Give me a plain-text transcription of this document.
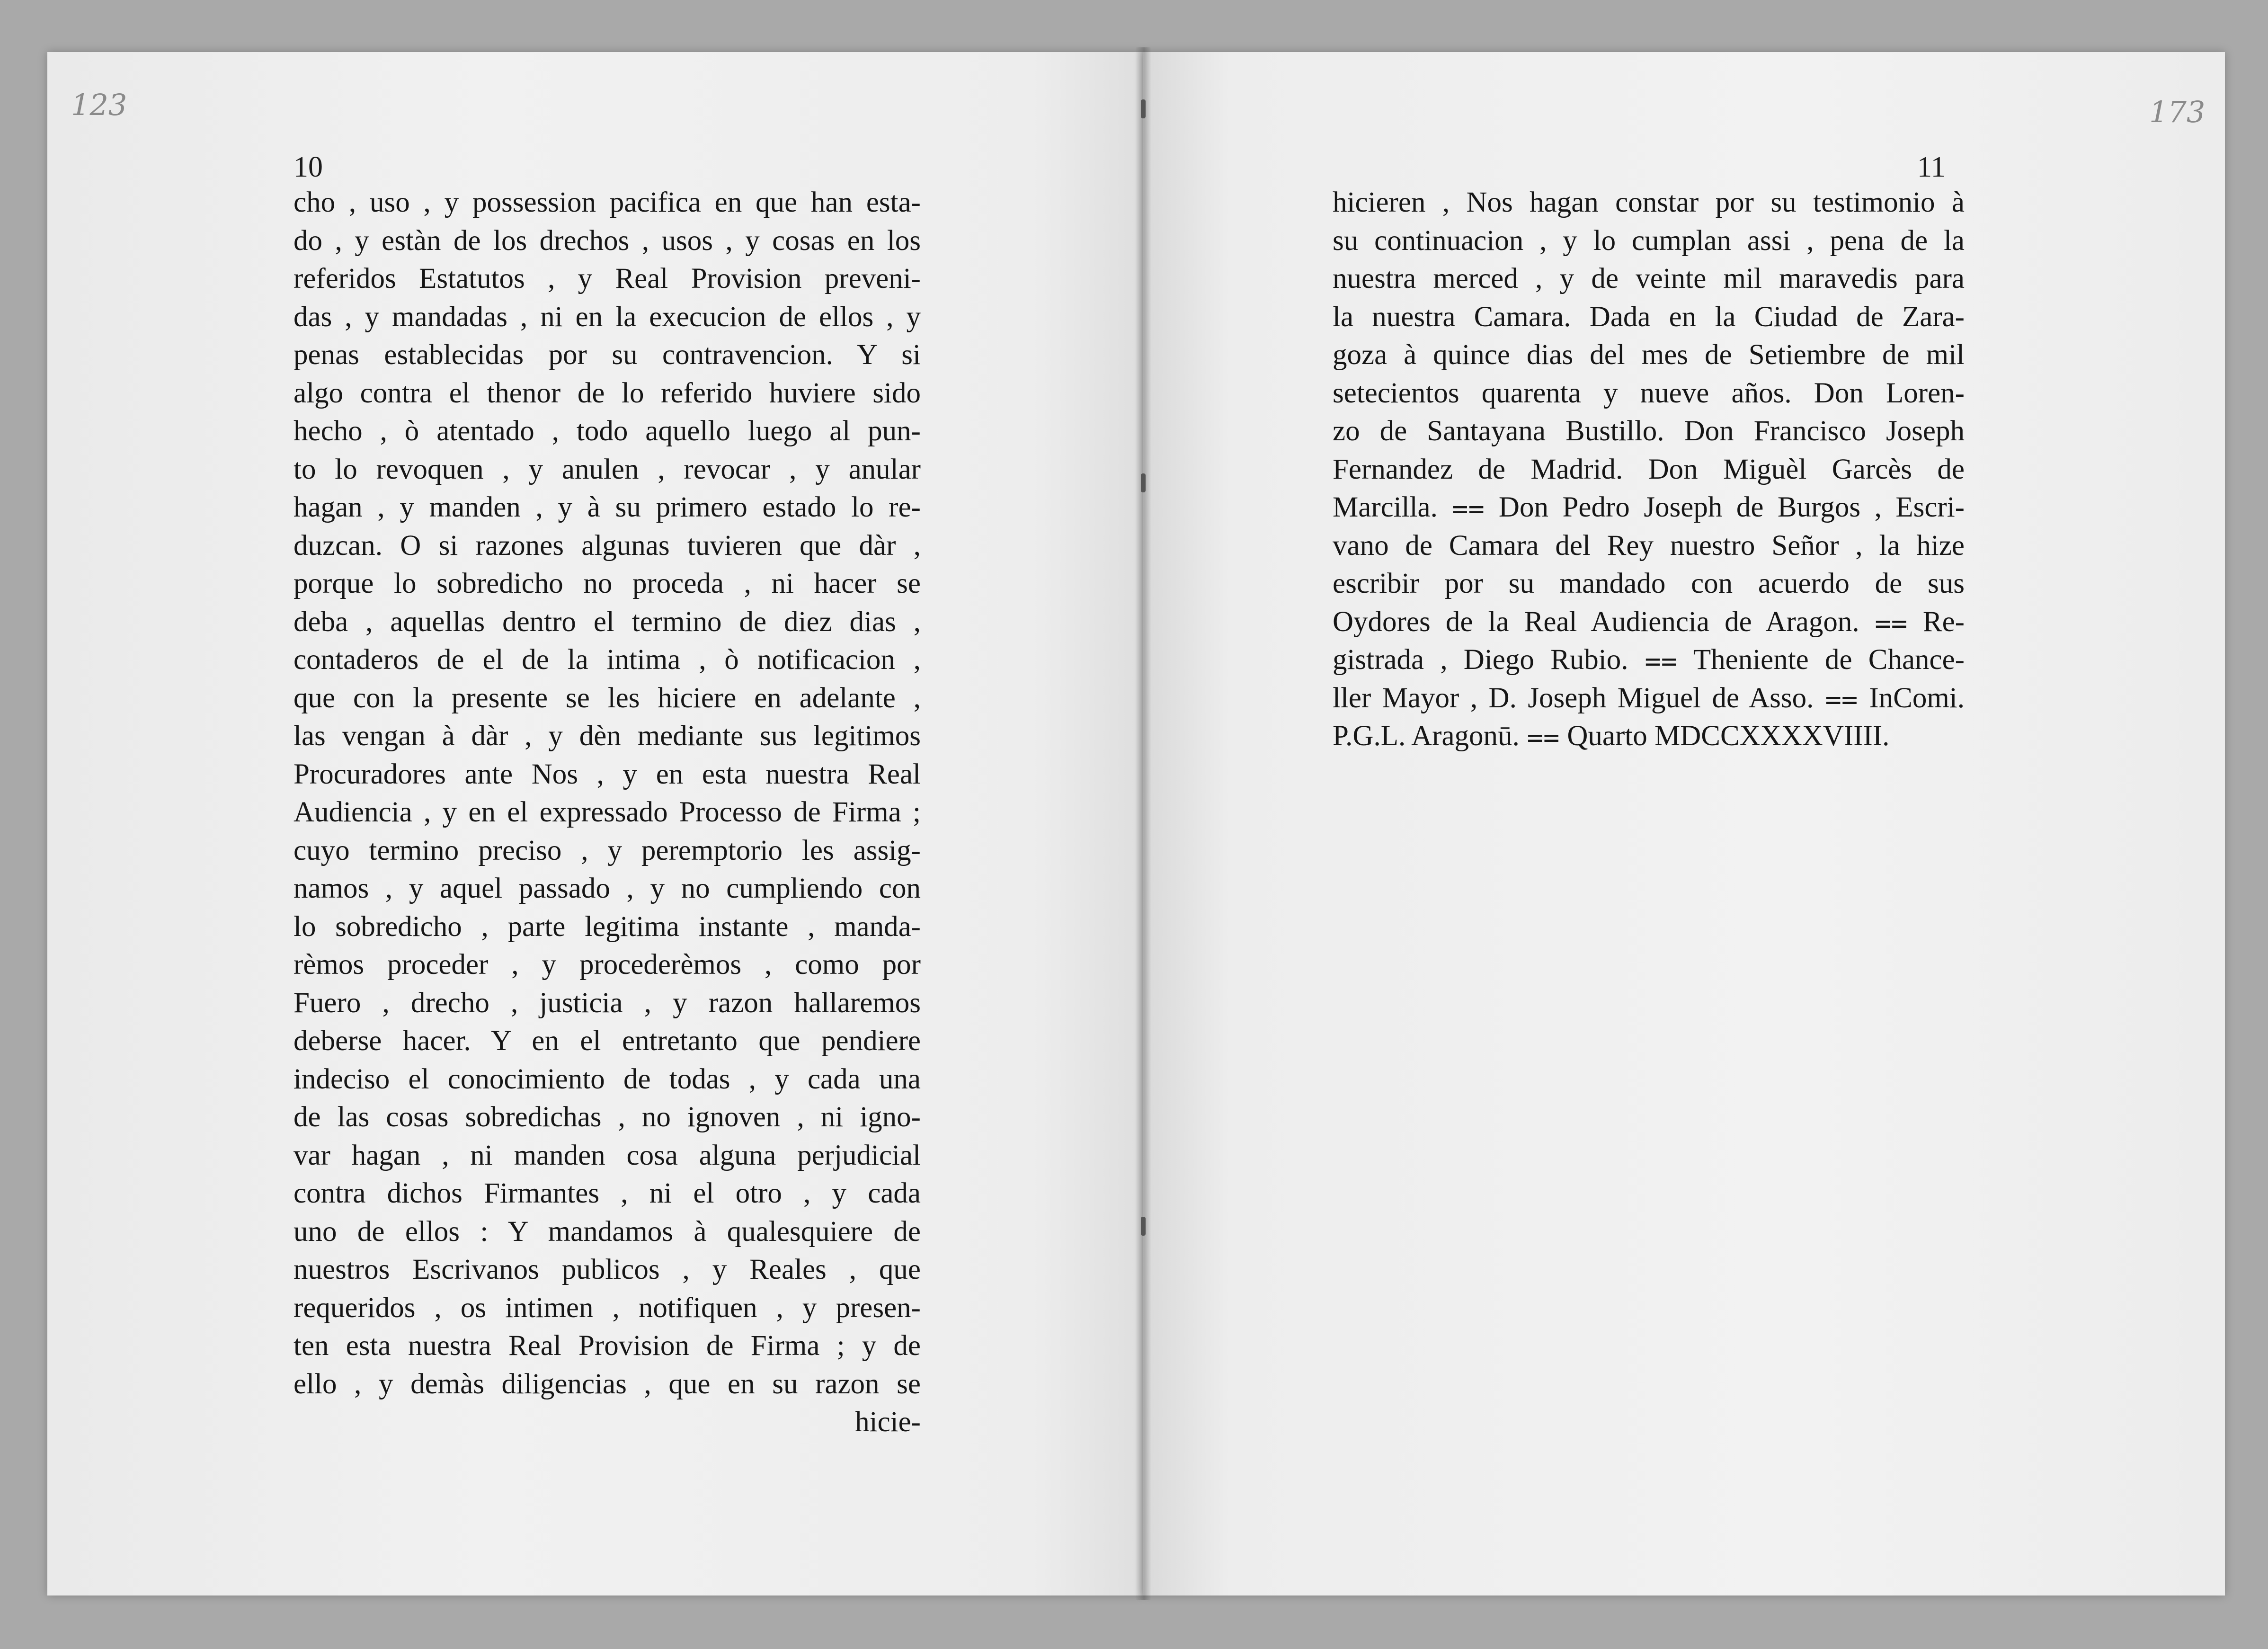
123	173
10	11
cho , uso , y possession pacifica en que han esta-
do , y estàn de los drechos , usos , y cosas en los
referidos Estatutos , y Real Provision preveni-
das , y mandadas , ni en la execucion de ellos , y
penas establecidas por su contravencion. Y si
algo contra el thenor de lo referido huviere sido
hecho , ò atentado , todo aquello luego al pun-
to lo revoquen , y anulen , revocar , y anular
hagan , y manden , y à su primero estado lo re-
duzcan. O si razones algunas tuvieren que dàr ,
porque lo sobredicho no proceda , ni hacer se
deba , aquellas dentro el termino de diez dias ,
contaderos de el de la intima , ò notificacion ,
que con la presente se les hiciere en adelante ,
las vengan à dàr , y dèn mediante sus legitimos
Procuradores ante Nos , y en esta nuestra Real
Audiencia , y en el expressado Processo de Firma ;
cuyo termino preciso , y peremptorio les assig-
namos , y aquel passado , y no cumpliendo con
lo sobredicho , parte legitima instante , manda-
rèmos proceder , y procederèmos , como por
Fuero , drecho , justicia , y razon hallaremos
deberse hacer. Y en el entretanto que pendiere
indeciso el conocimiento de todas , y cada una
de las cosas sobredichas , no ignoven , ni igno-
var hagan , ni manden cosa alguna perjudicial
contra dichos Firmantes , ni el otro , y cada
uno de ellos : Y mandamos à qualesquiere de
nuestros Escrivanos publicos , y Reales , que
requeridos , os intimen , notifiquen , y presen-
ten esta nuestra Real Provision de Firma ; y de
ello , y demàs diligencias , que en su razon se
hicie-
hicieren , Nos hagan constar por su testimonio à
su continuacion , y lo cumplan assi , pena de la
nuestra merced , y de veinte mil maravedis para
la nuestra Camara. Dada en la Ciudad de Zara-
goza à quince dias del mes de Setiembre de mil
setecientos quarenta y nueve años. Don Loren-
zo de Santayana Bustillo. Don Francisco Joseph
Fernandez de Madrid. Don Miguèl Garcès de
Marcilla. ⩵ Don Pedro Joseph de Burgos , Escri-
vano de Camara del Rey nuestro Señor , la hize
escribir por su mandado con acuerdo de sus
Oydores de la Real Audiencia de Aragon. ⩵ Re-
gistrada , Diego Rubio. ⩵ Theniente de Chance-
ller Mayor , D. Joseph Miguel de Asso. ⩵ InComi.
P.G.L. Aragonū. ⩵ Quarto MDCCXXXXVIIII.
